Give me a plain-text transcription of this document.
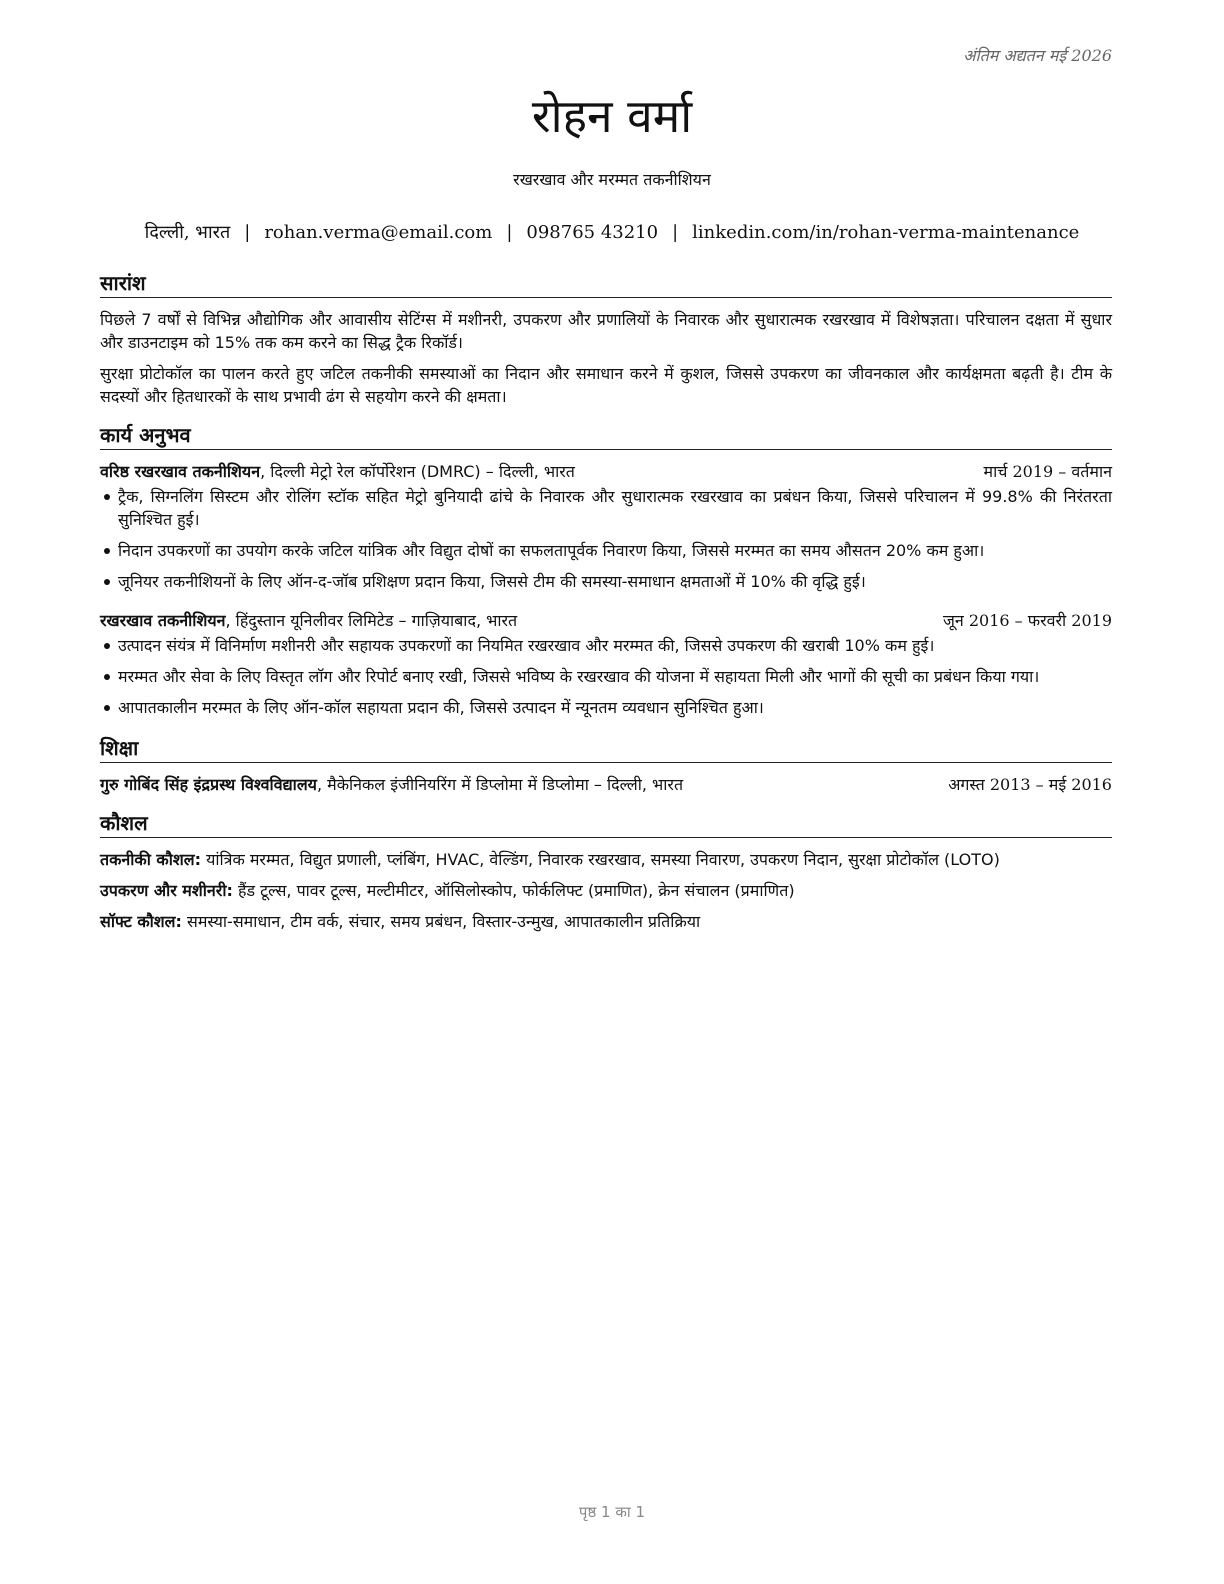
अंतिम अद्यतन मई 2026
रोहन वर्मा
रखरखाव और मरम्मत तकनीशियन
दिल्ली, भारत | rohan.verma@email.com | 098765 43210 | linkedin.com/in/rohan-verma-maintenance
सारांश

पिछले 7 वर्षों से विभिन्न औद्योगिक और आवासीय सेटिंग्स में मशीनरी, उपकरण और प्रणालियों के निवारक और सुधारात्मक रखरखाव में विशेषज्ञता। परिचालन दक्षता में सुधार और डाउनटाइम को 15% तक कम करने का सिद्ध ट्रैक रिकॉर्ड।

सुरक्षा प्रोटोकॉल का पालन करते हुए जटिल तकनीकी समस्याओं का निदान और समाधान करने में कुशल, जिससे उपकरण का जीवनकाल और कार्यक्षमता बढ़ती है। टीम के सदस्यों और हितधारकों के साथ प्रभावी ढंग से सहयोग करने की क्षमता।

कार्य अनुभव
वरिष्ठ रखरखाव तकनीशियन, दिल्ली मेट्रो रेल कॉर्पोरेशन (DMRC) – दिल्ली, भारत	मार्च 2019 – वर्तमान
ट्रैक, सिग्नलिंग सिस्टम और रोलिंग स्टॉक सहित मेट्रो बुनियादी ढांचे के निवारक और सुधारात्मक रखरखाव का प्रबंधन किया, जिससे परिचालन में 99.8% की निरंतरता सुनिश्चित हुई।
निदान उपकरणों का उपयोग करके जटिल यांत्रिक और विद्युत दोषों का सफलतापूर्वक निवारण किया, जिससे मरम्मत का समय औसतन 20% कम हुआ।
जूनियर तकनीशियनों के लिए ऑन-द-जॉब प्रशिक्षण प्रदान किया, जिससे टीम की समस्या-समाधान क्षमताओं में 10% की वृद्धि हुई।
रखरखाव तकनीशियन, हिंदुस्तान यूनिलीवर लिमिटेड – गाज़ियाबाद, भारत	जून 2016 – फरवरी 2019
उत्पादन संयंत्र में विनिर्माण मशीनरी और सहायक उपकरणों का नियमित रखरखाव और मरम्मत की, जिससे उपकरण की खराबी 10% कम हुई।
मरम्मत और सेवा के लिए विस्तृत लॉग और रिपोर्ट बनाए रखी, जिससे भविष्य के रखरखाव की योजना में सहायता मिली और भागों की सूची का प्रबंधन किया गया।
आपातकालीन मरम्मत के लिए ऑन-कॉल सहायता प्रदान की, जिससे उत्पादन में न्यूनतम व्यवधान सुनिश्चित हुआ।
शिक्षा
गुरु गोबिंद सिंह इंद्रप्रस्थ विश्वविद्यालय, मैकेनिकल इंजीनियरिंग में डिप्लोमा में डिप्लोमा – दिल्ली, भारत	अगस्त 2013 – मई 2016
कौशल

तकनीकी कौशल: यांत्रिक मरम्मत, विद्युत प्रणाली, प्लंबिंग, HVAC, वेल्डिंग, निवारक रखरखाव, समस्या निवारण, उपकरण निदान, सुरक्षा प्रोटोकॉल (LOTO)

उपकरण और मशीनरी: हैंड टूल्स, पावर टूल्स, मल्टीमीटर, ऑसिलोस्कोप, फोर्कलिफ्ट (प्रमाणित), क्रेन संचालन (प्रमाणित)

सॉफ्ट कौशल: समस्या-समाधान, टीम वर्क, संचार, समय प्रबंधन, विस्तार-उन्मुख, आपातकालीन प्रतिक्रिया

पृष्ठ 1 का 1
